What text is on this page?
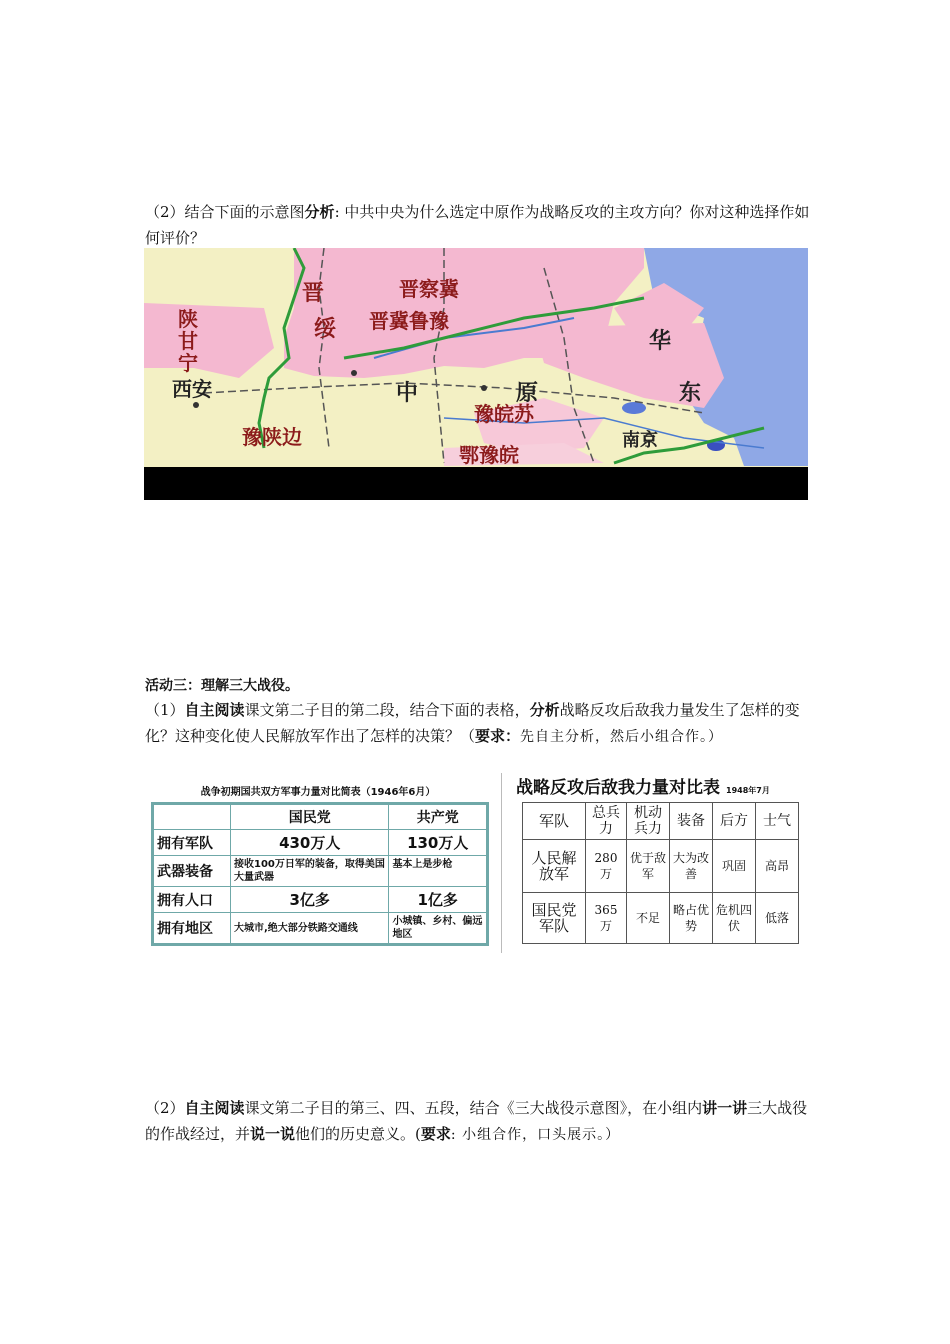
（2）结合下面的示意图分析: 中共中央为什么选定中原作为战略反攻的主攻方向？你对这种选择作如何评价？
晋	晋察冀
绥 晋冀鲁豫
陕
甘
宁
西安	中	原
华
东
豫皖苏
豫陕边
鄂豫皖
南京
活动三：理解三大战役。
（1）自主阅读课文第二子目的第二段，结合下面的表格，分析战略反攻后敌我力量发生了怎样的变化？这种变化使人民解放军作出了怎样的决策？（要求：先自主分析，然后小组合作。）
战争初期国共双方军事力量对比简表（1946年6月）
	国民党	共产党
拥有军队	430万人	130万人
武器装备	接收100万日军的装备，取得美国大量武器	基本上是步枪
拥有人口	3亿多	1亿多
拥有地区	大城市,绝大部分铁路交通线	小城镇、乡村、偏远地区
战略反攻后敌我力量对比表 1948年7月
军队	总兵力	机动兵力	装备	后方	士气
人民解放军	280万	优于敌军	大为改善	巩固	高昂
国民党军队	365万	不足	略占优势	危机四伏	低落
（2）自主阅读课文第二子目的第三、四、五段，结合《三大战役示意图》，在小组内讲一讲三大战役的作战经过，并说一说他们的历史意义。(要求: 小组合作，口头展示。）
